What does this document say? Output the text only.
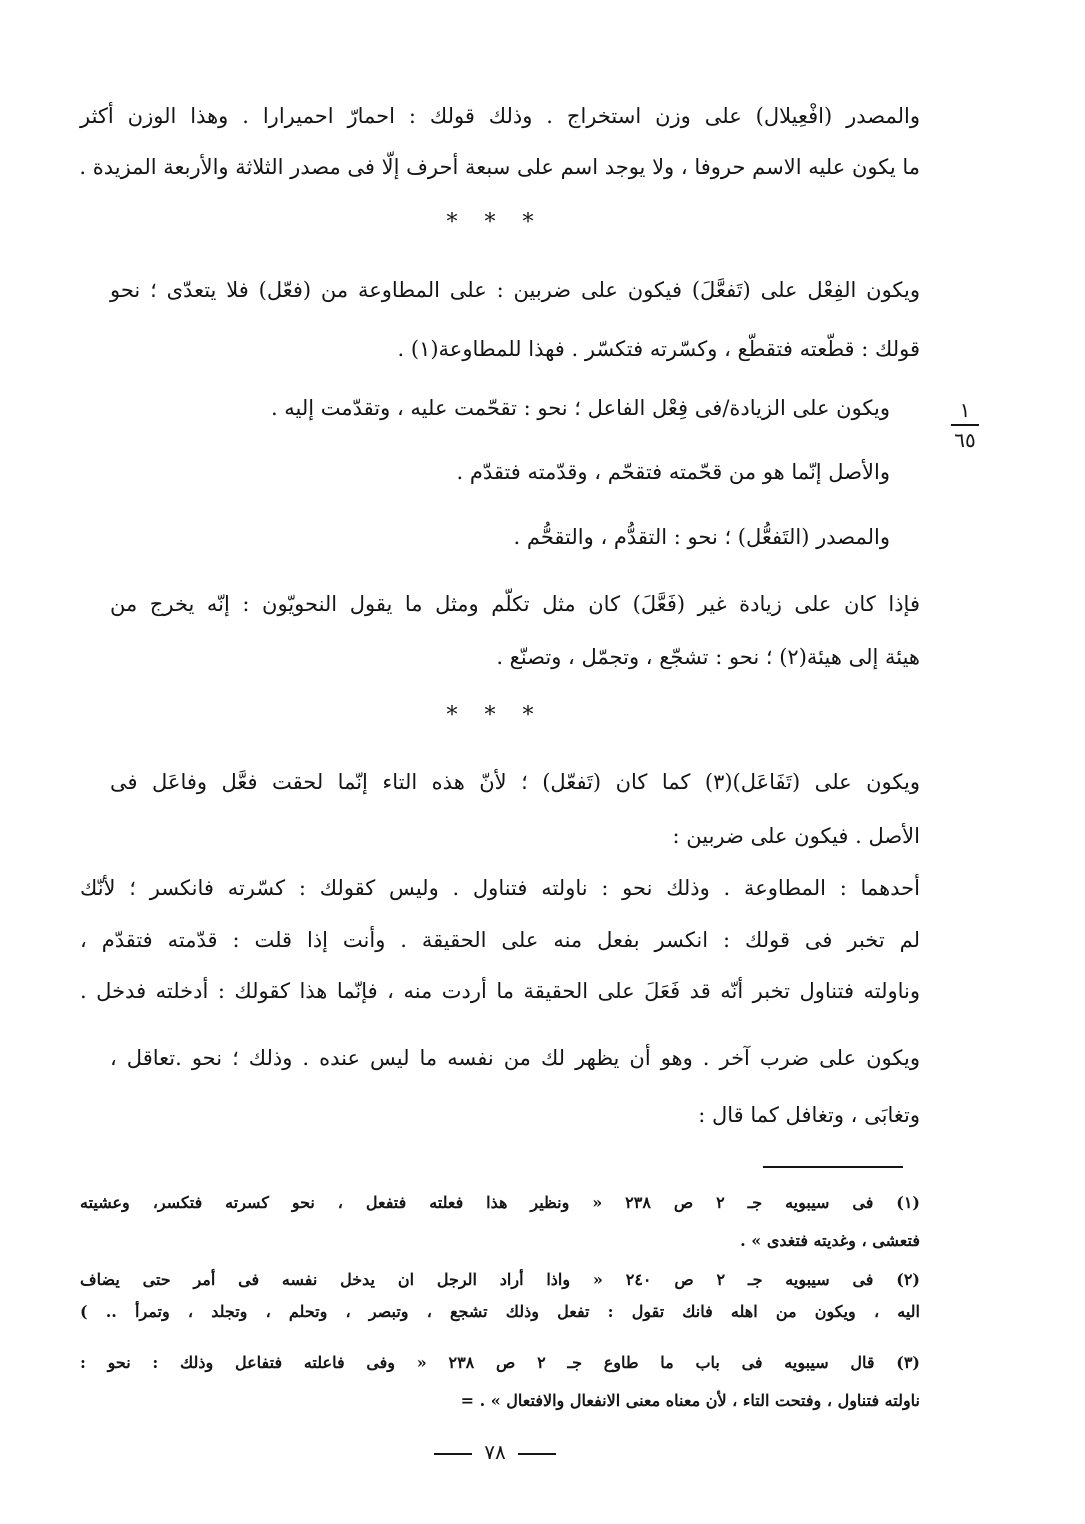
والمصدر (افْعِيلال) على وزن استخراج . وذلك قولك : احمارّ احميرارا . وهذا الوزن أكثر
ما يكون عليه الاسم حروفا ، ولا يوجد اسم على سبعة أحرف إلّا فى مصدر الثلاثة والأربعة المزيدة .
* * *
ويكون الفِعْل على (تَفعَّلَ) فيكون على ضربين : على المطاوعة من (فعّل) فلا يتعدّى ؛ نحو
قولك : قطّعته فتقطّع ، وكسّرته فتكسّر . فهذا للمطاوعة(١) .
ويكون على الزيادة/فى فِعْل الفاعل ؛ نحو : تقحّمت عليه ، وتقدّمت إليه .
والأصل إنّما هو من قحّمته فتقحّم ، وقدّمته فتقدّم .
والمصدر (التَفعُّل) ؛ نحو : التقدُّم ، والتقحُّم .
فإذا كان على زيادة غير (فَعَّلَ) كان مثل تكلّم ومثل ما يقول النحويّون : إنّه يخرج من
هيئة إلى هيئة(٢) ؛ نحو : تشجّع ، وتجمّل ، وتصنّع .
* * *
ويكون على (تَفَاعَل)(٣) كما كان (تَفعّل) ؛ لأنّ هذه التاء إنّما لحقت فعَّل وفاعَل فى
الأصل . فيكون على ضربين :
أحدهما : المطاوعة . وذلك نحو : ناولته فتناول . وليس كقولك : كسّرته فانكسر ؛ لأنّك
لم تخبر فى قولك : انكسر بفعل منه على الحقيقة . وأنت إذا قلت : قدّمته فتقدّم ،
وناولته فتناول تخبر أنّه قد فَعَلَ على الحقيقة ما أردت منه ، فإنّما هذا كقولك : أدخلته فدخل .
ويكون على ضرب آخر . وهو أن يظهر لك من نفسه ما ليس عنده . وذلك ؛ نحو .تعاقل ،
وتغابَى ، وتغافل كما قال :
١
٦٥
(١) فى سيبويه جـ ٢ ص ٢٣٨ « ونظير هذا فعلته فتفعل ، نحو كسرته فتكسر، وعشيته
فتعشى ، وغديته فتغدى » .
(٢) فى سيبويه جـ ٢ ص ٢٤٠ « واذا أراد الرجل ان يدخل نفسه فى أمر حتى يضاف
اليه ، ويكون من اهله فانك تقول : تفعل وذلك تشجع ، وتبصر ، وتحلم ، وتجلد ، وتمرأ .. )
(٣) قال سيبويه فى باب ما طاوع جـ ٢ ص ٢٣٨ « وفى فاعلته فتفاعل وذلك : نحو :
ناولته فتناول ، وفتحت التاء ، لأن معناه معنى الانفعال والافتعال » . =
٧٨
